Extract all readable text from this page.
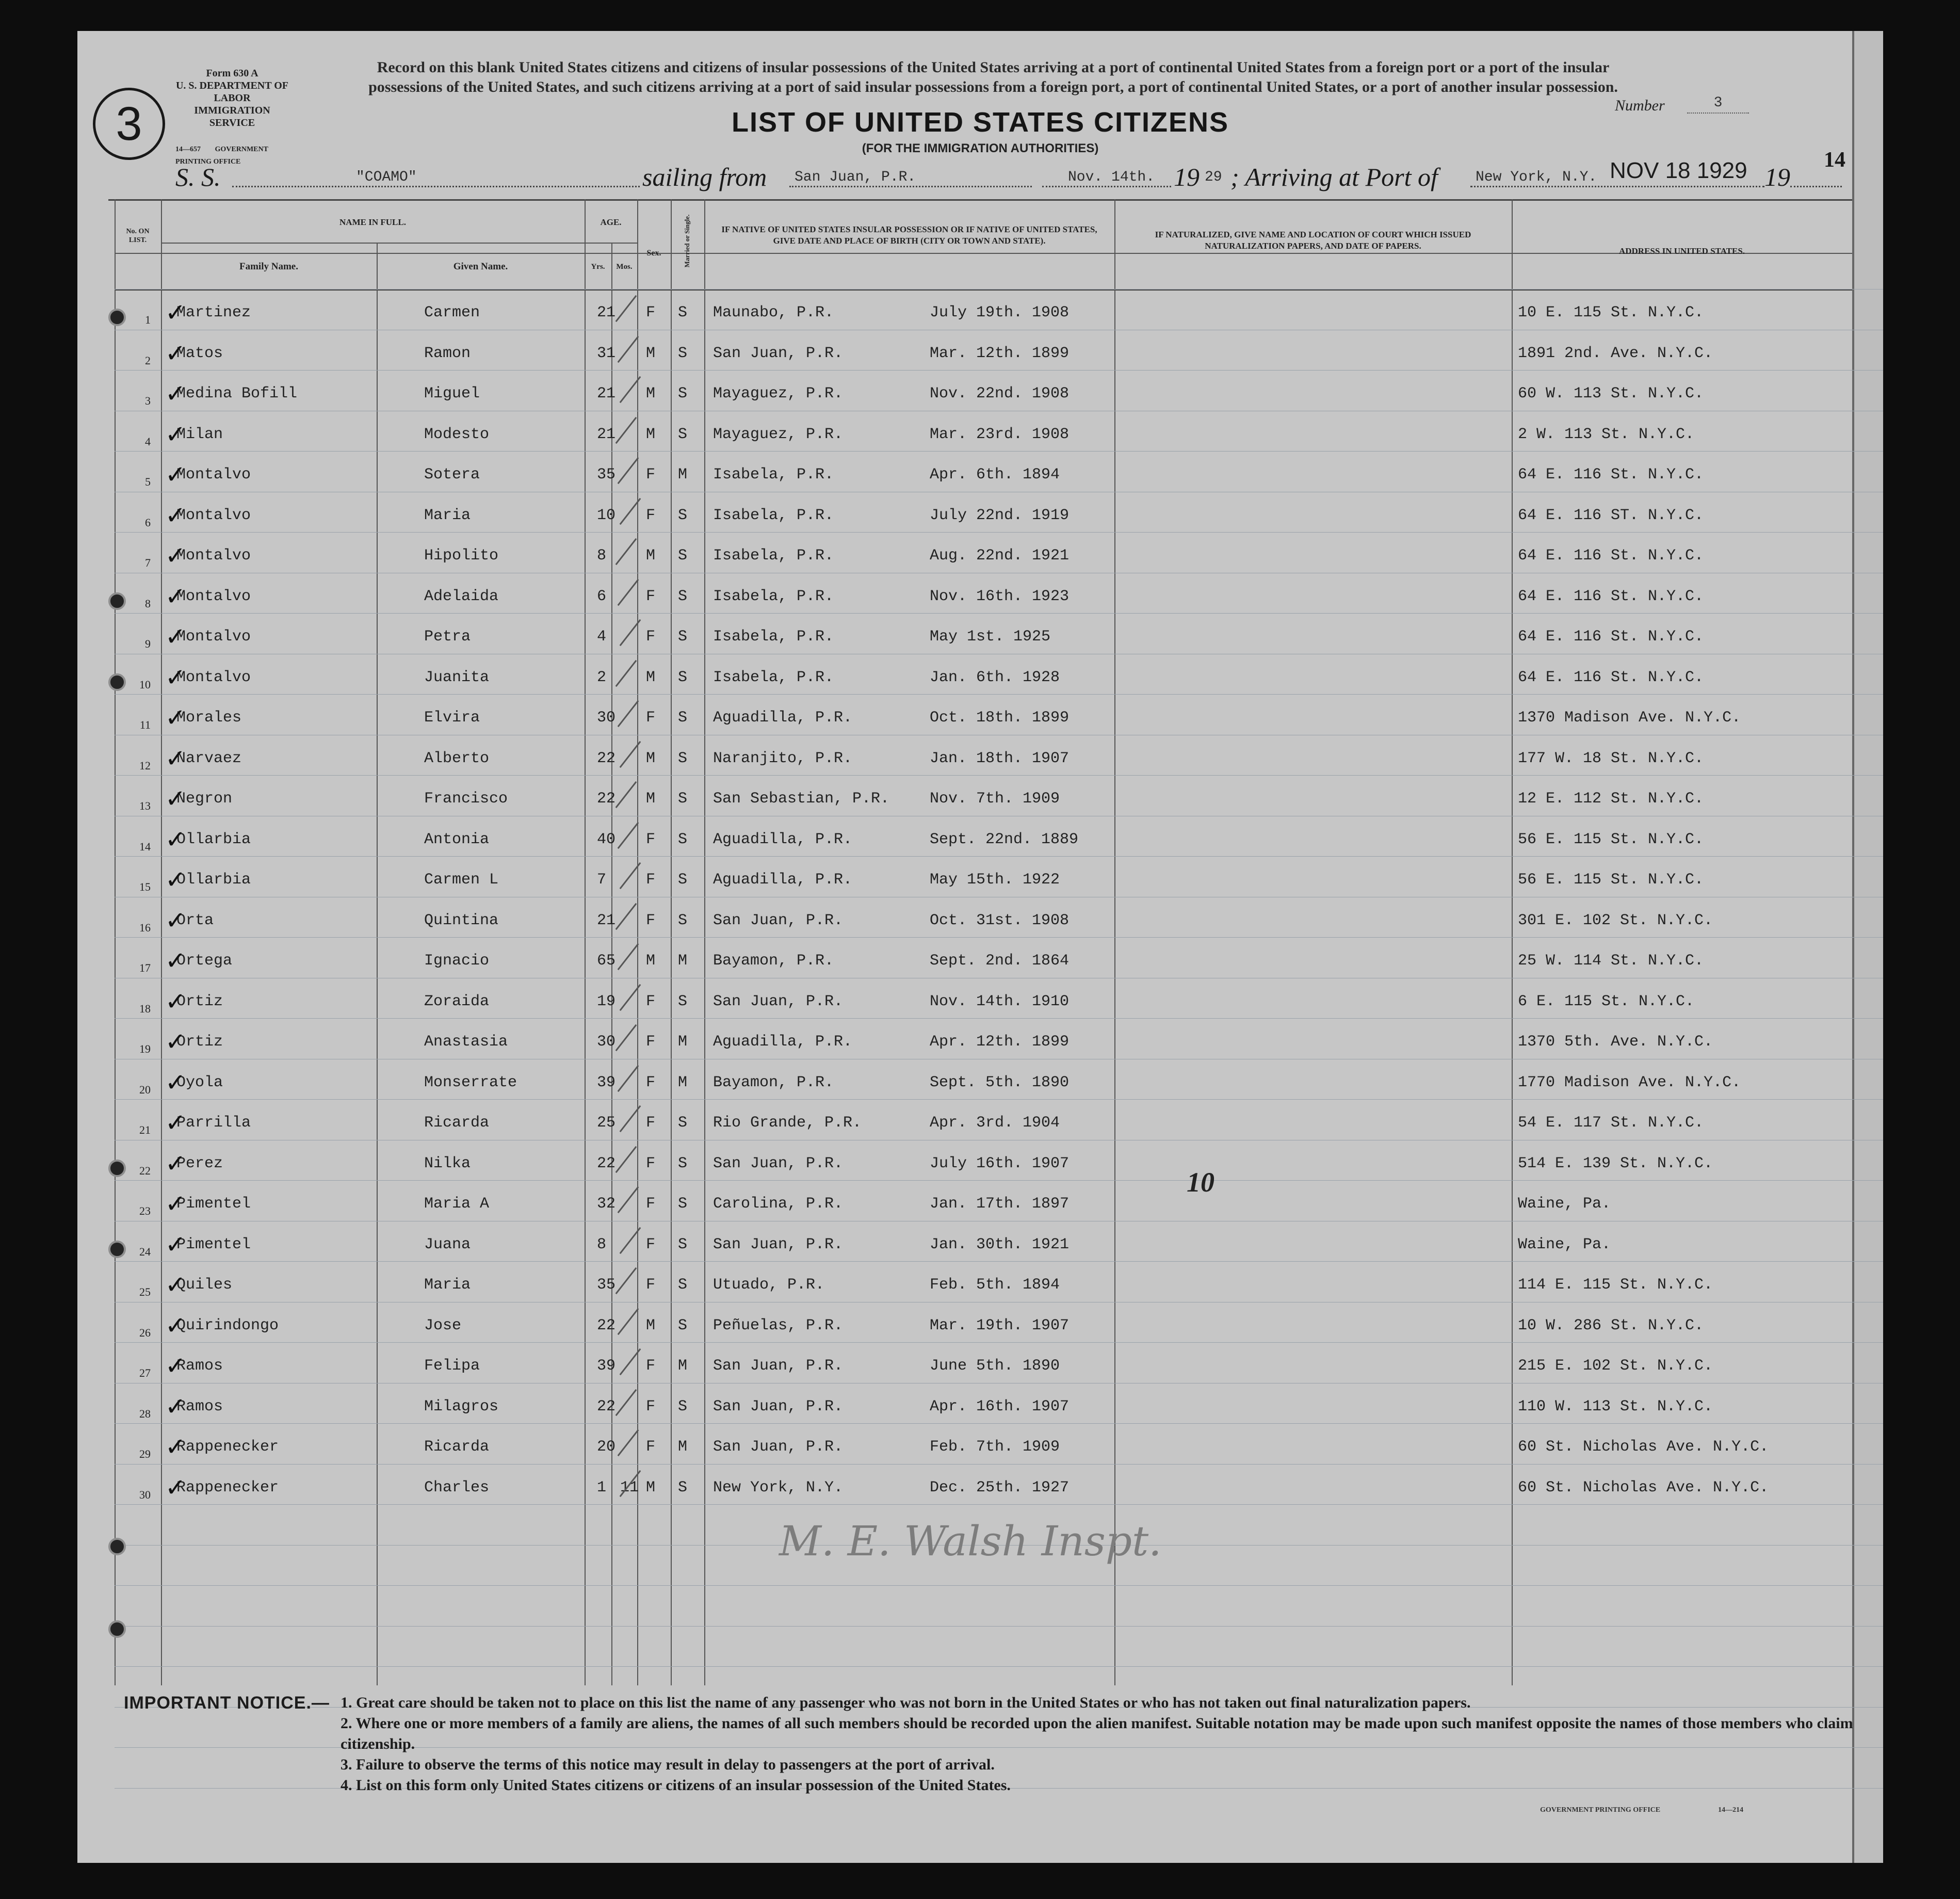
Form 630 A
U. S. DEPARTMENT OF LABOR
IMMIGRATION SERVICE
14—657 GOVERNMENT PRINTING OFFICE
3
Record on this blank United States citizens and citizens of insular possessions of the United States arriving at a port of continental United States from a foreign port or a port of the insular possessions of the United States, and such citizens arriving at a port of said insular possessions from a foreign port, a port of continental United States, or a port of another insular possession.
LIST OF UNITED STATES CITIZENS
(FOR THE IMMIGRATION AUTHORITIES)
Number	3
14
S. S.	"COAMO"	sailing from San Juan, P.R.	Nov. 14th. 19 29 ; Arriving at Port of	New York, N.Y. NOV 18 1929 19
No. ON LIST.
NAME IN FULL.
Family Name.	Given Name.
AGE.
Yrs.	Mos.
Sex.	Married or Single.	IF NATIVE OF UNITED STATES INSULAR POSSESSION OR IF NATIVE OF UNITED STATES, GIVE DATE AND PLACE OF BIRTH (CITY OR TOWN AND STATE).
IF NATURALIZED, GIVE NAME AND LOCATION OF COURT WHICH ISSUED NATURALIZATION PAPERS, AND DATE OF PAPERS.
ADDRESS IN UNITED STATES.
1 Martinez	Carmen	21 F S Maunabo, P.R.	July 19th. 1908	10 E. 115 St. N.Y.C.
✓
2 Matos	Ramon	31 M S San Juan, P.R.	Mar. 12th. 1899	1891 2nd. Ave. N.Y.C.
✓
3 Medina Bofill	Miguel	21 M S Mayaguez, P.R.	Nov. 22nd. 1908	60 W. 113 St. N.Y.C.
✓
4 Milan	Modesto	21 M S Mayaguez, P.R.	Mar. 23rd. 1908	2 W. 113 St. N.Y.C.
✓
5 Montalvo	Sotera	35 F M Isabela, P.R.	Apr. 6th. 1894	64 E. 116 St. N.Y.C.
✓
6 Montalvo	Maria	10 F S Isabela, P.R.	July 22nd. 1919	64 E. 116 ST. N.Y.C.
✓
7 Montalvo	Hipolito	8	M S Isabela, P.R.	Aug. 22nd. 1921	64 E. 116 St. N.Y.C.
✓
8 Montalvo	Adelaida	6	F S Isabela, P.R.	Nov. 16th. 1923	64 E. 116 St. N.Y.C.
✓
9 Montalvo	Petra	4	F S Isabela, P.R.	May 1st. 1925	64 E. 116 St. N.Y.C.
✓
10 Montalvo	Juanita	2	M S Isabela, P.R.	Jan. 6th. 1928	64 E. 116 St. N.Y.C.
✓
11 Morales	Elvira	30 F S Aguadilla, P.R.	Oct. 18th. 1899	1370 Madison Ave. N.Y.C.
✓
12 Narvaez	Alberto	22 M S Naranjito, P.R.	Jan. 18th. 1907	177 W. 18 St. N.Y.C.
✓
13 Negron	Francisco	22 M S San Sebastian, P.R.	Nov. 7th. 1909	12 E. 112 St. N.Y.C.
✓
14 Ollarbia	Antonia	40 F S Aguadilla, P.R.	Sept. 22nd. 1889	56 E. 115 St. N.Y.C.
✓
15 Ollarbia	Carmen L	7	F S Aguadilla, P.R.	May 15th. 1922	56 E. 115 St. N.Y.C.
✓
16 Orta	Quintina	21 F S San Juan, P.R.	Oct. 31st. 1908	301 E. 102 St. N.Y.C.
✓
17 Ortega	Ignacio	65 M M Bayamon, P.R.	Sept. 2nd. 1864	25 W. 114 St. N.Y.C.
✓
18 Ortiz	Zoraida	19 F S San Juan, P.R.	Nov. 14th. 1910	6 E. 115 St. N.Y.C.
✓
19 Ortiz	Anastasia	30 F M Aguadilla, P.R.	Apr. 12th. 1899	1370 5th. Ave. N.Y.C.
✓
20 Oyola	Monserrate	39 F M Bayamon, P.R.	Sept. 5th. 1890	1770 Madison Ave. N.Y.C.
✓
21 Parrilla	Ricarda	25 F S Rio Grande, P.R.	Apr. 3rd. 1904	54 E. 117 St. N.Y.C.
✓
22 Perez	Nilka	22 F S San Juan, P.R.	July 16th. 1907	514 E. 139 St. N.Y.C.
✓
23 Pimentel	Maria A	32 F S Carolina, P.R.	Jan. 17th. 1897	Waine, Pa.
✓
24 Pimentel	Juana	8	F S San Juan, P.R.	Jan. 30th. 1921	Waine, Pa.
✓
25 Quiles	Maria	35 F S Utuado, P.R.	Feb. 5th. 1894	114 E. 115 St. N.Y.C.
✓
26 Quirindongo	Jose	22 M S Peñuelas, P.R.	Mar. 19th. 1907	10 W. 286 St. N.Y.C.
✓
27 Ramos	Felipa	39 F M San Juan, P.R.	June 5th. 1890	215 E. 102 St. N.Y.C.
✓
28 Ramos	Milagros	22 F S San Juan, P.R.	Apr. 16th. 1907	110 W. 113 St. N.Y.C.
✓
29 Rappenecker	Ricarda	20 F M San Juan, P.R.	Feb. 7th. 1909	60 St. Nicholas Ave. N.Y.C.
✓
30 Rappenecker	Charles	1 11 M S New York, N.Y.	Dec. 25th. 1927	60 St. Nicholas Ave. N.Y.C.
✓
10
M. E. Walsh Inspt.
IMPORTANT NOTICE.— 1. Great care should be taken not to place on this list the name of any passenger who was not born in the United States or who has not taken out final naturalization papers.
2. Where one or more members of a family are aliens, the names of all such members should be recorded upon the alien manifest. Suitable notation may be made upon such manifest opposite the names of those members who claim citizenship.
3. Failure to observe the terms of this notice may result in delay to passengers at the port of arrival.
4. List on this form only United States citizens or citizens of an insular possession of the United States.
GOVERNMENT PRINTING OFFICE	14—214
